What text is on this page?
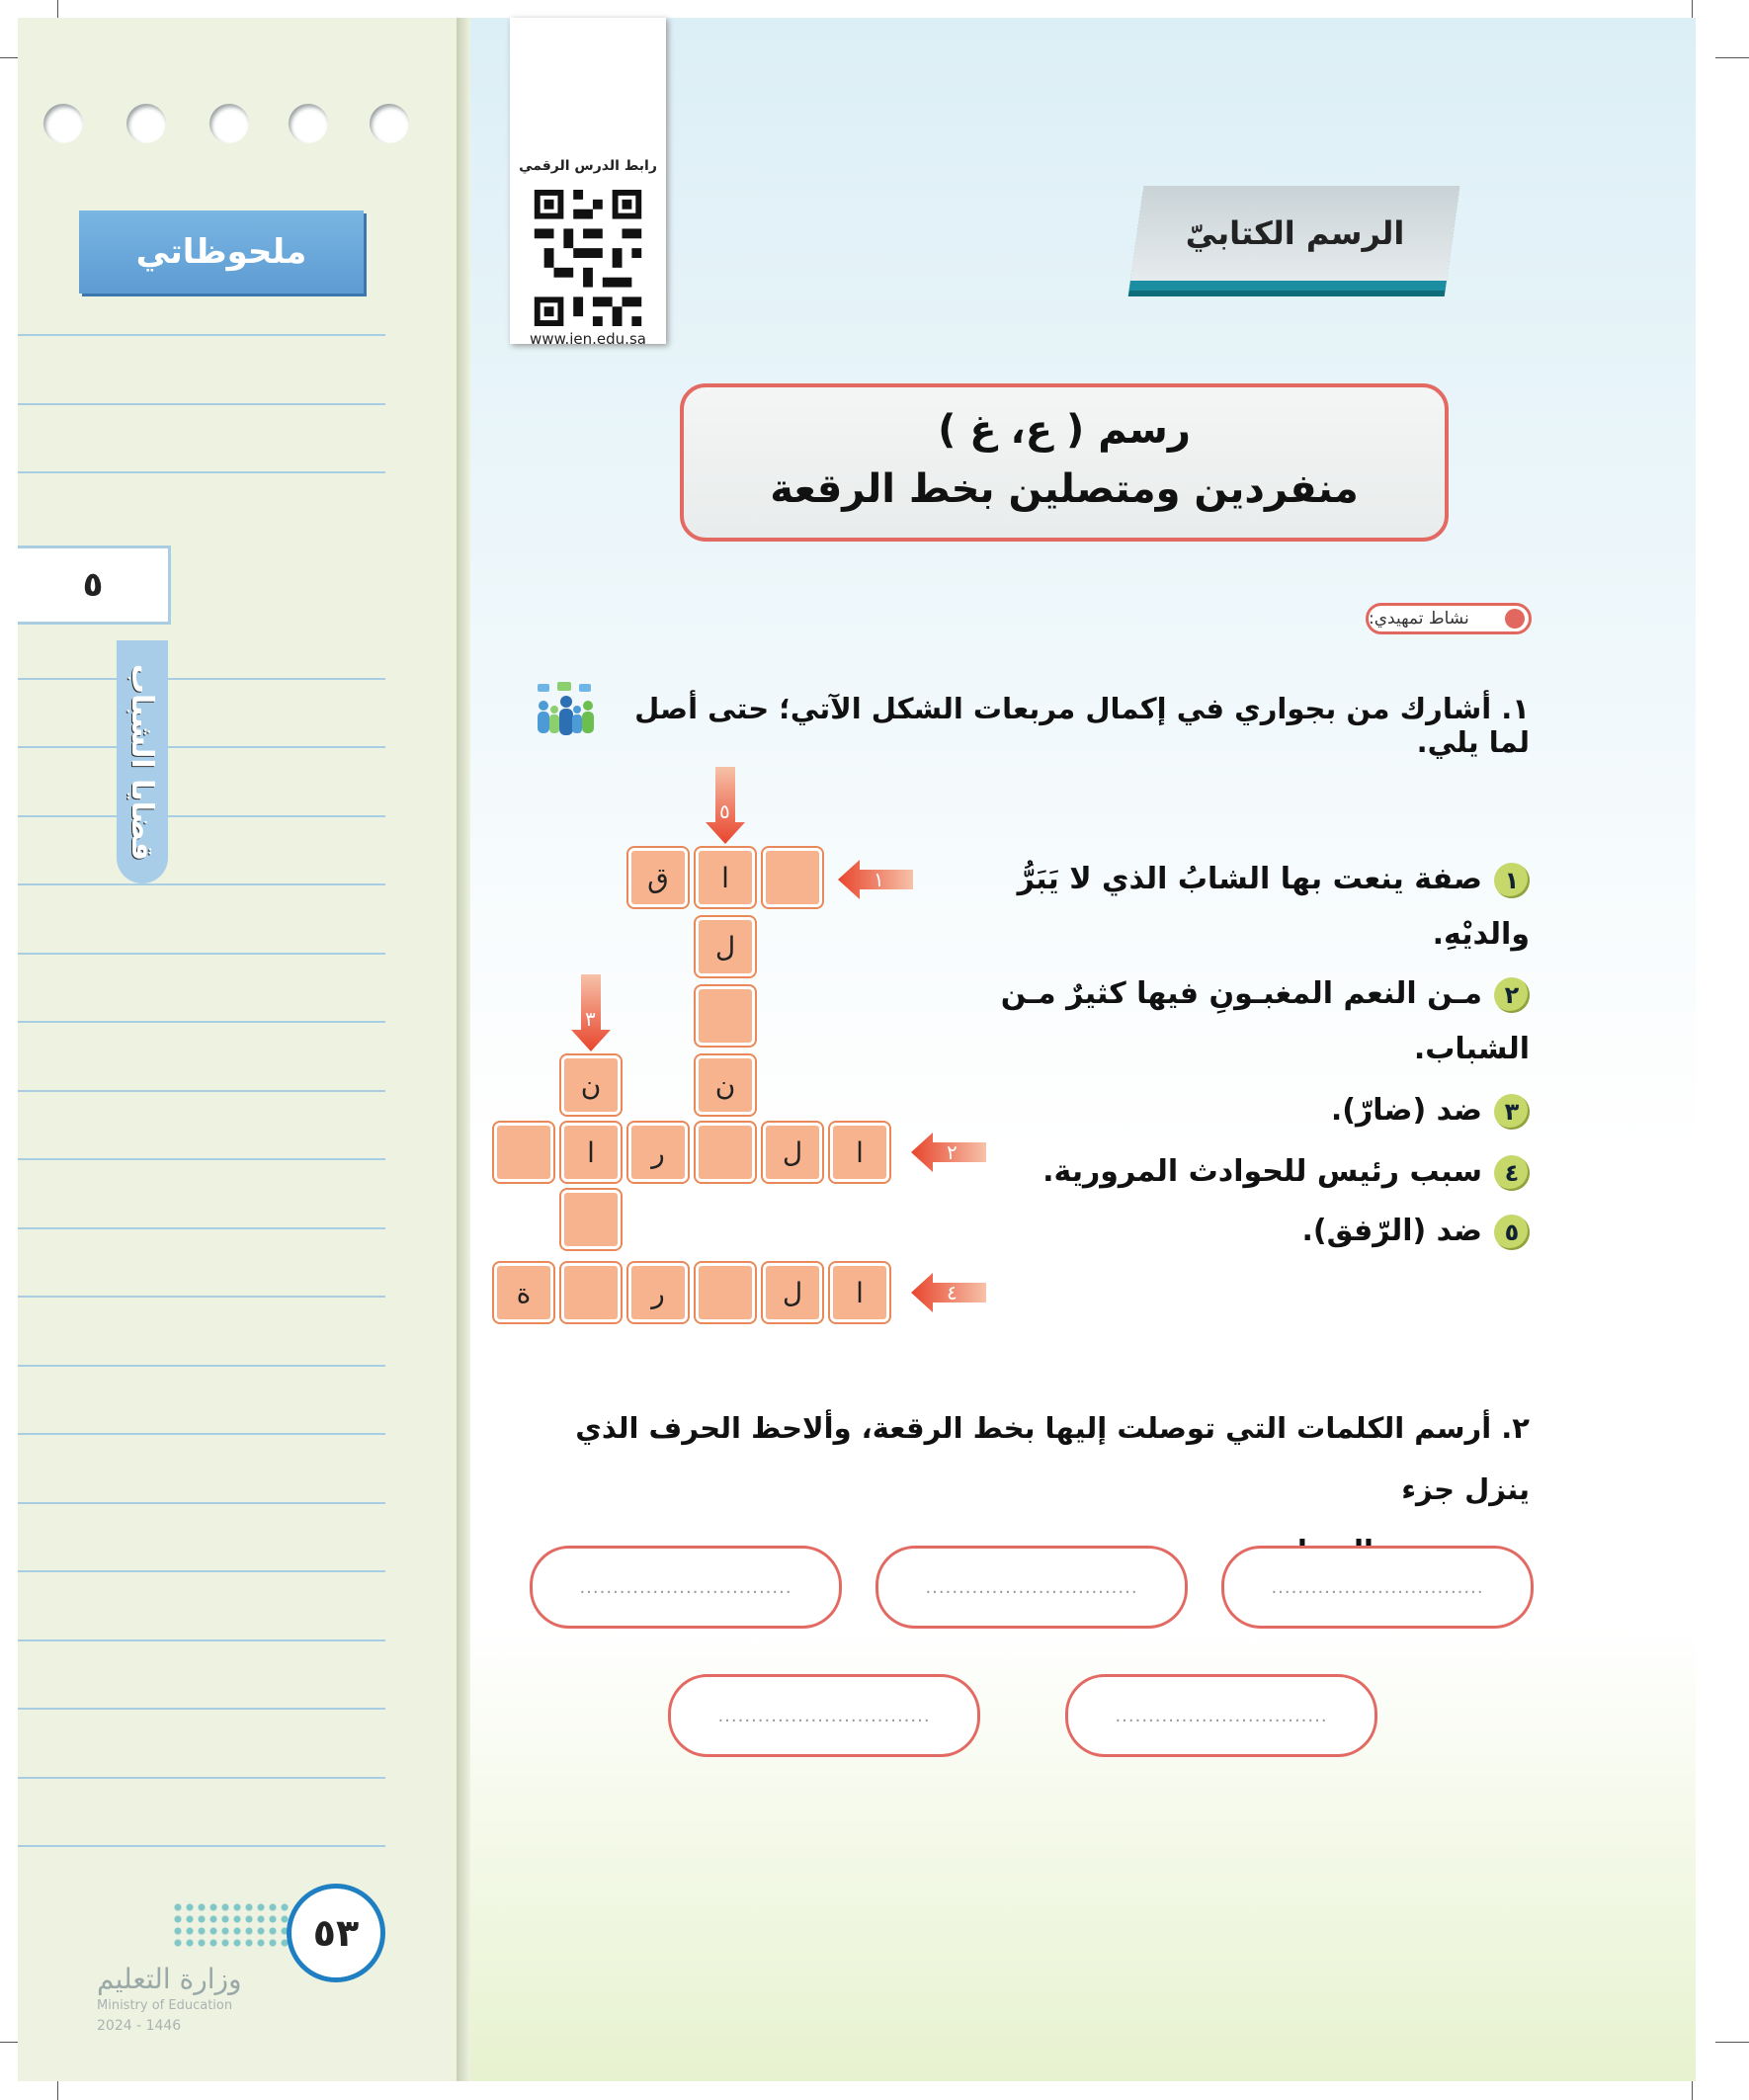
ملحوظاتي
٥
قضايا الشباب
٥٣
وزارة التعليم
Ministry of Education
2024 - 1446
رابط الدرس الرقمي
www.ien.edu.sa
الرسم الكتابيّ
رسم ( ع، غ )
منفردين ومتصلين بخط الرقعة
نشاط تمهيدي:
١. أشارك من بجواري في إكمال مربعات الشكل الآتي؛ حتى أصل لما يلي.
ا
ق
ل
ن
ن
ا
ل
ر
ا
ا
ل
ر
ة
١
٢
٤
٥
٣
١صفة ينعت بها الشابُ الذي لا يَبَرُّ
والديْهِ.
٢مـن النعم المغبـونِ فيها كثيرٌ مـن
الشباب.
٣ضد (ضارّ).
٤سبب رئيس للحوادث المرورية.
٥ضد (الرّفق).
٢. أرسم الكلمات التي توصلت إليها بخط الرقعة، وألاحظ الحرف الذي ينزل جزء

................................
................................
................................
................................
................................
